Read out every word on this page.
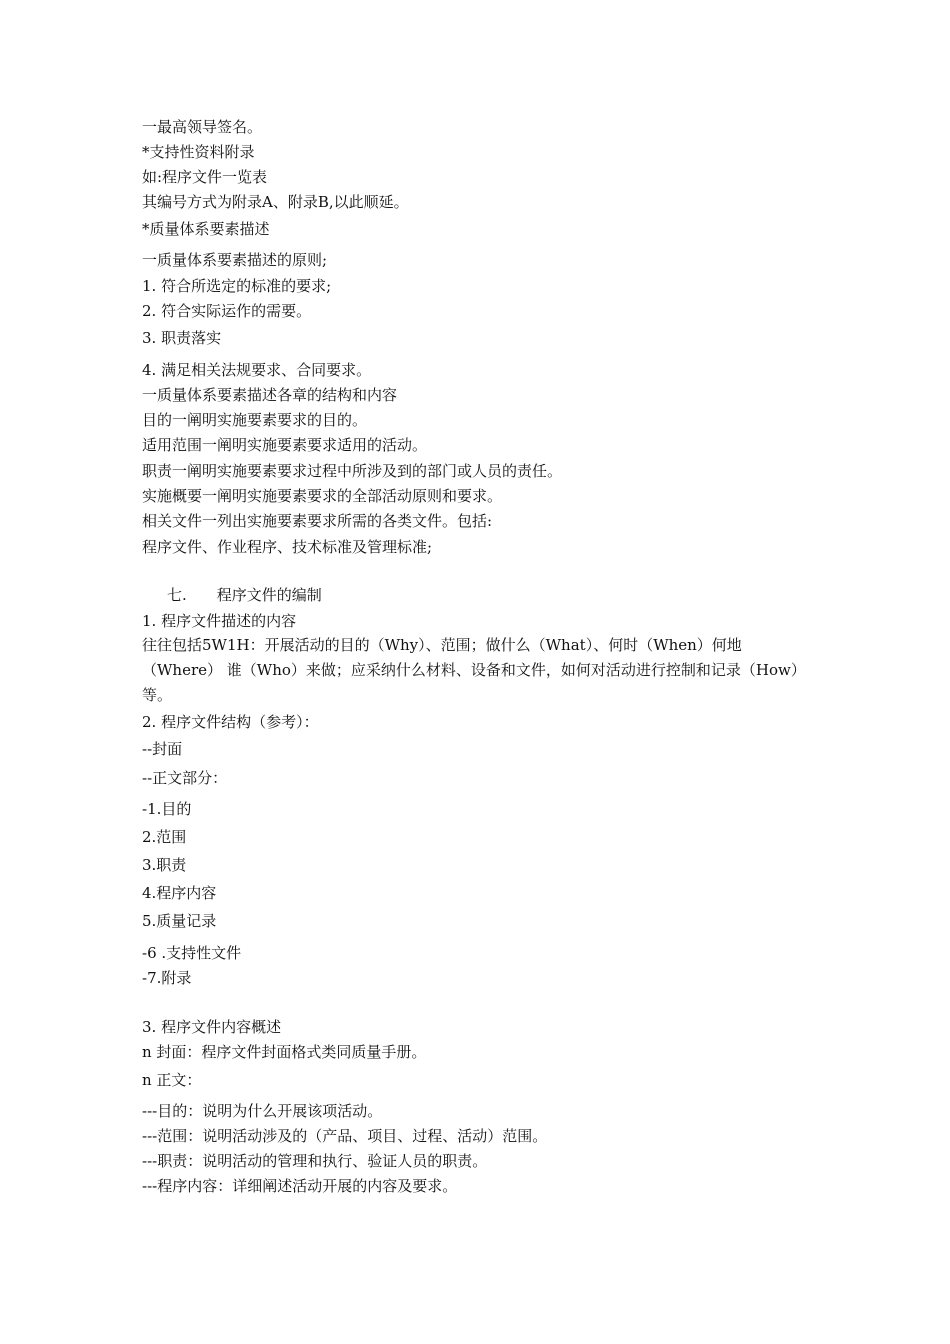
一最高领导签名。
*支持性资料附录
如:程序文件一览表
其编号方式为附录A、附录B,以此顺延。
*质量体系要素描述
一质量体系要素描述的原则;
1. 符合所选定的标准的要求;
2. 符合实际运作的需要。
3. 职责落实
4. 满足相关法规要求、合同要求。
一质量体系要素描述各章的结构和内容
目的一阐明实施要素要求的目的。
适用范围一阐明实施要素要求适用的活动。
职责一阐明实施要素要求过程中所涉及到的部门或人员的责任。
实施概要一阐明实施要素要求的全部活动原则和要求。
相关文件一列出实施要素要求所需的各类文件。包括:
程序文件、作业程序、技术标准及管理标准;
七.　　程序文件的编制
1. 程序文件描述的内容
往往包括5W1H：开展活动的目的（Why）、范围；做什么（What）、何时（When）何地（Where） 谁（Who）来做；应采纳什么材料、设备和文件，如何对活动进行控制和记录（How）等。
2. 程序文件结构（参考）：
--封面
--正文部分：
-1.目的
2.范围
3.职责
4.程序内容
5.质量记录
-6 .支持性文件
-7.附录
3. 程序文件内容概述
n 封面：程序文件封面格式类同质量手册。
n 正文：
---目的：说明为什么开展该项活动。
---范围：说明活动涉及的（产品、项目、过程、活动）范围。
---职责：说明活动的管理和执行、验证人员的职责。
---程序内容：详细阐述活动开展的内容及要求。
